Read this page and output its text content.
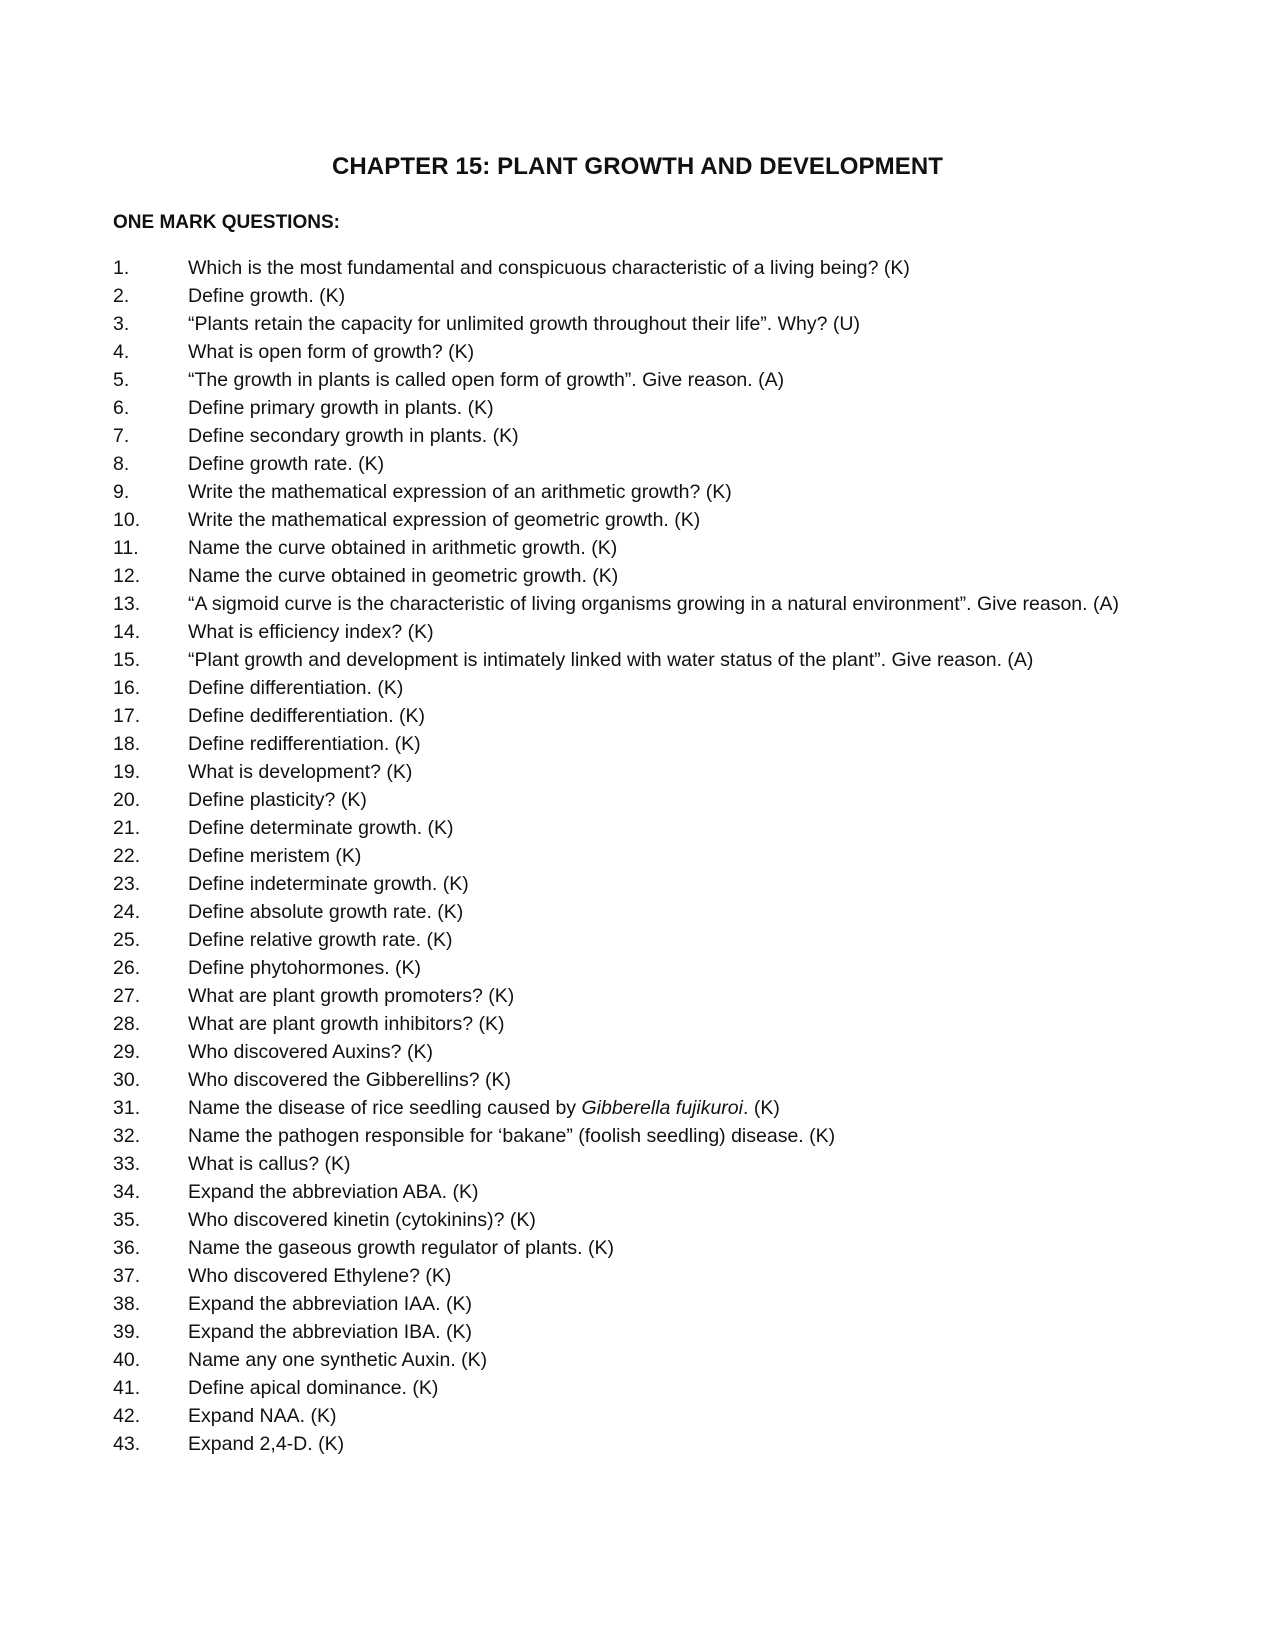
CHAPTER 15: PLANT GROWTH AND DEVELOPMENT
ONE MARK QUESTIONS:
1.	Which is the most fundamental and conspicuous characteristic of a living being? (K)
2.	Define growth. (K)
3.	“Plants retain the capacity for unlimited growth throughout their life”. Why? (U)
4.	What is open form of growth? (K)
5.	“The growth in plants is called open form of growth”. Give reason. (A)
6.	Define primary growth in plants. (K)
7.	Define secondary growth in plants. (K)
8.	Define growth rate. (K)
9.	Write the mathematical expression of an arithmetic growth? (K)
10.	Write the mathematical expression of geometric growth. (K)
11.	Name the curve obtained in arithmetic growth. (K)
12.	Name the curve obtained in geometric growth. (K)
13.	“A sigmoid curve is the characteristic of living organisms growing in a natural environment”. Give reason. (A)
14.	What is efficiency index? (K)
15.	“Plant growth and development is intimately linked with water status of the plant”. Give reason. (A)
16.	Define differentiation. (K)
17.	Define dedifferentiation. (K)
18.	Define redifferentiation. (K)
19.	What is development? (K)
20.	Define plasticity? (K)
21.	Define determinate growth. (K)
22.	Define meristem (K)
23.	Define indeterminate growth. (K)
24.	Define absolute growth rate. (K)
25.	Define relative growth rate. (K)
26.	Define phytohormones. (K)
27.	What are plant growth promoters? (K)
28.	What are plant growth inhibitors? (K)
29.	Who discovered Auxins? (K)
30.	Who discovered the Gibberellins? (K)
31.	Name the disease of rice seedling caused by Gibberella fujikuroi. (K)
32.	Name the pathogen responsible for ‘bakane” (foolish seedling) disease. (K)
33.	What is callus? (K)
34.	Expand the abbreviation ABA. (K)
35.	Who discovered kinetin (cytokinins)? (K)
36.	Name the gaseous growth regulator of plants. (K)
37.	Who discovered Ethylene? (K)
38.	Expand the abbreviation IAA. (K)
39.	Expand the abbreviation IBA. (K)
40.	Name any one synthetic Auxin. (K)
41.	Define apical dominance. (K)
42.	Expand NAA. (K)
43.	Expand 2,4-D. (K)
